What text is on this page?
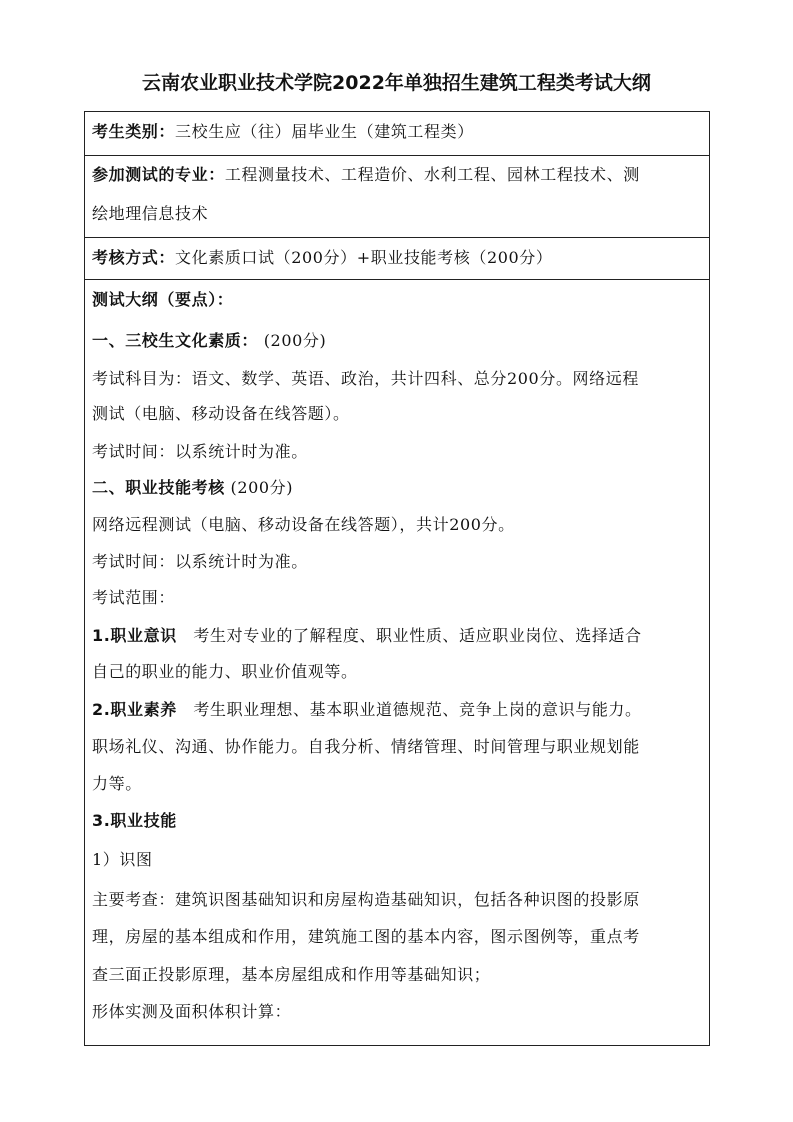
云南农业职业技术学院2022年单独招生建筑工程类考试大纲
考生类别：三校生应（往）届毕业生（建筑工程类）
参加测试的专业：工程测量技术、工程造价、水利工程、园林工程技术、测
绘地理信息技术
考核方式：文化素质口试（200分）+职业技能考核（200分）
测试大纲（要点）：
一、三校生文化素质： (200分)
考试科目为：语文、数学、英语、政治，共计四科、总分200分。网络远程
测试（电脑、移动设备在线答题）。
考试时间：以系统计时为准。
二、职业技能考核 (200分)
网络远程测试（电脑、移动设备在线答题），共计200分。
考试时间：以系统计时为准。
考试范围：
1.职业意识　考生对专业的了解程度、职业性质、适应职业岗位、选择适合
自己的职业的能力、职业价值观等。
2.职业素养　考生职业理想、基本职业道德规范、竞争上岗的意识与能力。
职场礼仪、沟通、协作能力。自我分析、情绪管理、时间管理与职业规划能
力等。
3.职业技能
1）识图
主要考查：建筑识图基础知识和房屋构造基础知识，包括各种识图的投影原
理，房屋的基本组成和作用，建筑施工图的基本内容，图示图例等，重点考
查三面正投影原理，基本房屋组成和作用等基础知识；
形体实测及面积体积计算：
